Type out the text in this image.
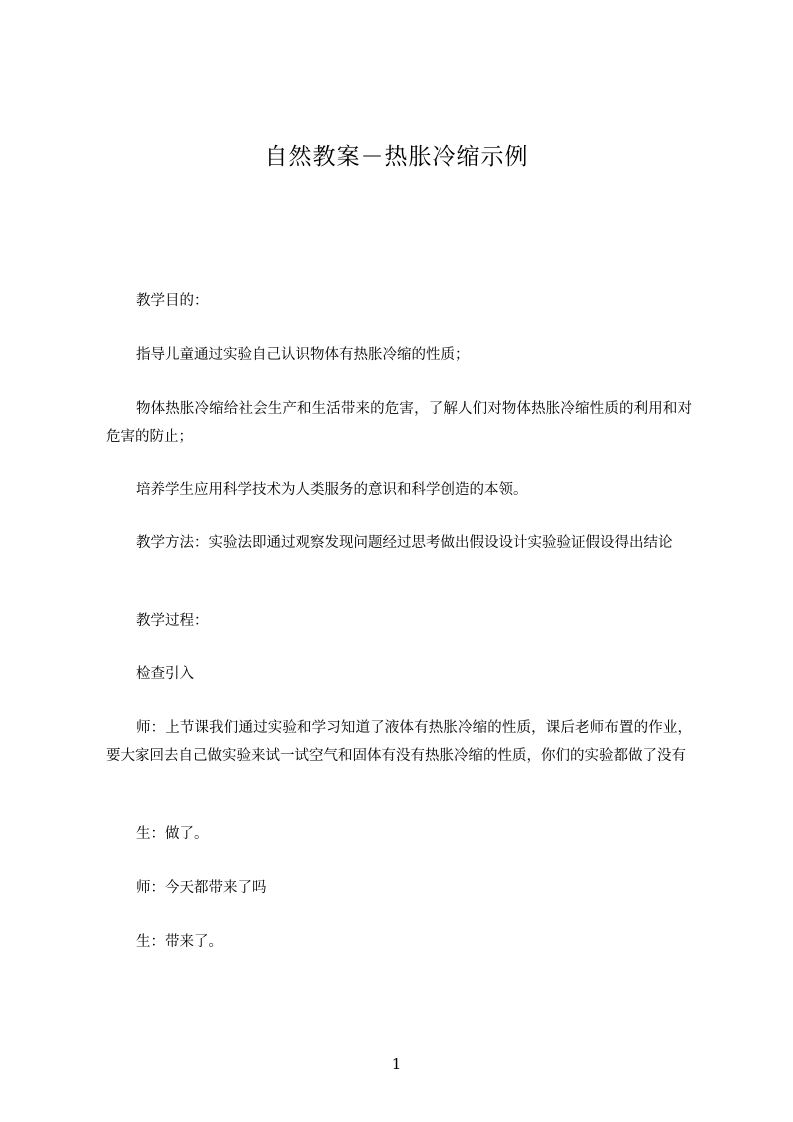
自然教案－热胀冷缩示例

教学目的：

指导儿童通过实验自己认识物体有热胀冷缩的性质；

物体热胀冷缩给社会生产和生活带来的危害，了解人们对物体热胀冷缩性质的利用和对危害的防止；

培养学生应用科学技术为人类服务的意识和科学创造的本领。

教学方法：实验法即通过观察发现问题经过思考做出假设设计实验验证假设得出结论

教学过程：

检查引入

师：上节课我们通过实验和学习知道了液体有热胀冷缩的性质，课后老师布置的作业，要大家回去自己做实验来试一试空气和固体有没有热胀冷缩的性质，你们的实验都做了没有

生：做了。

师：今天都带来了吗

生：带来了。

1
